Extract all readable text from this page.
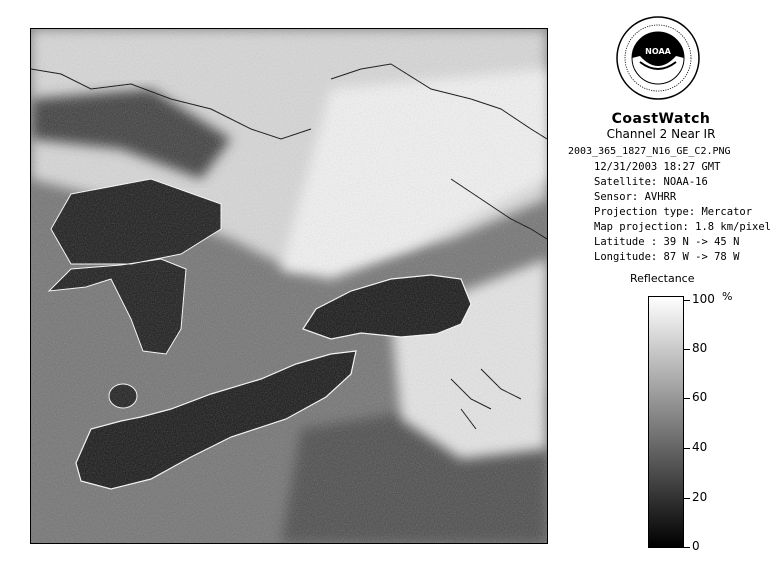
NOAA
CoastWatch
Channel 2 Near IR
2003_365_1827_N16_GE_C2.PNG
12/31/2003 18:27 GMT
Satellite: NOAA-16
Sensor: AVHRR
Projection type: Mercator
Map projection: 1.8 km/pixel
Latitude : 39 N -> 45 N
Longitude: 87 W -> 78 W
Reflectance
%
100
80
60
40
20
0
